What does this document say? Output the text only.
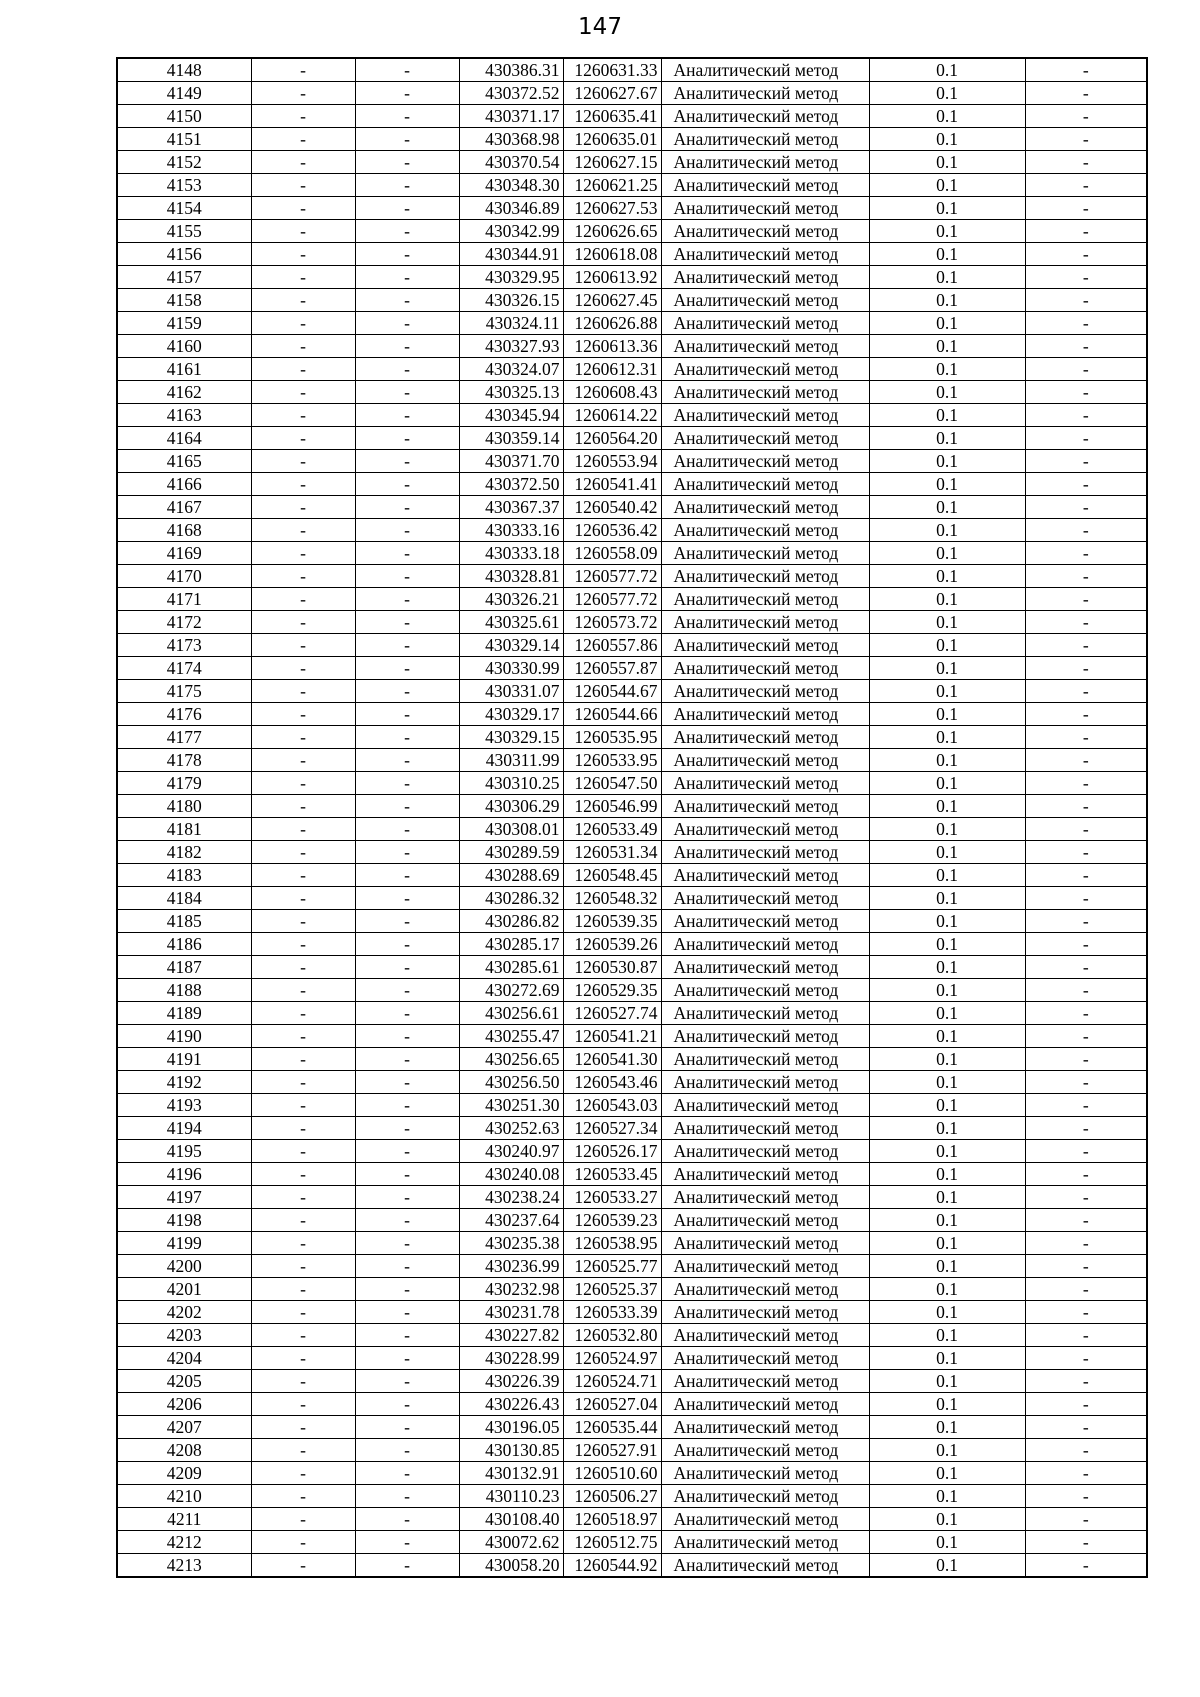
147
4148	-	-	430386.31	1260631.33	Аналитический метод	0.1	-
4149	-	-	430372.52	1260627.67	Аналитический метод	0.1	-
4150	-	-	430371.17	1260635.41	Аналитический метод	0.1	-
4151	-	-	430368.98	1260635.01	Аналитический метод	0.1	-
4152	-	-	430370.54	1260627.15	Аналитический метод	0.1	-
4153	-	-	430348.30	1260621.25	Аналитический метод	0.1	-
4154	-	-	430346.89	1260627.53	Аналитический метод	0.1	-
4155	-	-	430342.99	1260626.65	Аналитический метод	0.1	-
4156	-	-	430344.91	1260618.08	Аналитический метод	0.1	-
4157	-	-	430329.95	1260613.92	Аналитический метод	0.1	-
4158	-	-	430326.15	1260627.45	Аналитический метод	0.1	-
4159	-	-	430324.11	1260626.88	Аналитический метод	0.1	-
4160	-	-	430327.93	1260613.36	Аналитический метод	0.1	-
4161	-	-	430324.07	1260612.31	Аналитический метод	0.1	-
4162	-	-	430325.13	1260608.43	Аналитический метод	0.1	-
4163	-	-	430345.94	1260614.22	Аналитический метод	0.1	-
4164	-	-	430359.14	1260564.20	Аналитический метод	0.1	-
4165	-	-	430371.70	1260553.94	Аналитический метод	0.1	-
4166	-	-	430372.50	1260541.41	Аналитический метод	0.1	-
4167	-	-	430367.37	1260540.42	Аналитический метод	0.1	-
4168	-	-	430333.16	1260536.42	Аналитический метод	0.1	-
4169	-	-	430333.18	1260558.09	Аналитический метод	0.1	-
4170	-	-	430328.81	1260577.72	Аналитический метод	0.1	-
4171	-	-	430326.21	1260577.72	Аналитический метод	0.1	-
4172	-	-	430325.61	1260573.72	Аналитический метод	0.1	-
4173	-	-	430329.14	1260557.86	Аналитический метод	0.1	-
4174	-	-	430330.99	1260557.87	Аналитический метод	0.1	-
4175	-	-	430331.07	1260544.67	Аналитический метод	0.1	-
4176	-	-	430329.17	1260544.66	Аналитический метод	0.1	-
4177	-	-	430329.15	1260535.95	Аналитический метод	0.1	-
4178	-	-	430311.99	1260533.95	Аналитический метод	0.1	-
4179	-	-	430310.25	1260547.50	Аналитический метод	0.1	-
4180	-	-	430306.29	1260546.99	Аналитический метод	0.1	-
4181	-	-	430308.01	1260533.49	Аналитический метод	0.1	-
4182	-	-	430289.59	1260531.34	Аналитический метод	0.1	-
4183	-	-	430288.69	1260548.45	Аналитический метод	0.1	-
4184	-	-	430286.32	1260548.32	Аналитический метод	0.1	-
4185	-	-	430286.82	1260539.35	Аналитический метод	0.1	-
4186	-	-	430285.17	1260539.26	Аналитический метод	0.1	-
4187	-	-	430285.61	1260530.87	Аналитический метод	0.1	-
4188	-	-	430272.69	1260529.35	Аналитический метод	0.1	-
4189	-	-	430256.61	1260527.74	Аналитический метод	0.1	-
4190	-	-	430255.47	1260541.21	Аналитический метод	0.1	-
4191	-	-	430256.65	1260541.30	Аналитический метод	0.1	-
4192	-	-	430256.50	1260543.46	Аналитический метод	0.1	-
4193	-	-	430251.30	1260543.03	Аналитический метод	0.1	-
4194	-	-	430252.63	1260527.34	Аналитический метод	0.1	-
4195	-	-	430240.97	1260526.17	Аналитический метод	0.1	-
4196	-	-	430240.08	1260533.45	Аналитический метод	0.1	-
4197	-	-	430238.24	1260533.27	Аналитический метод	0.1	-
4198	-	-	430237.64	1260539.23	Аналитический метод	0.1	-
4199	-	-	430235.38	1260538.95	Аналитический метод	0.1	-
4200	-	-	430236.99	1260525.77	Аналитический метод	0.1	-
4201	-	-	430232.98	1260525.37	Аналитический метод	0.1	-
4202	-	-	430231.78	1260533.39	Аналитический метод	0.1	-
4203	-	-	430227.82	1260532.80	Аналитический метод	0.1	-
4204	-	-	430228.99	1260524.97	Аналитический метод	0.1	-
4205	-	-	430226.39	1260524.71	Аналитический метод	0.1	-
4206	-	-	430226.43	1260527.04	Аналитический метод	0.1	-
4207	-	-	430196.05	1260535.44	Аналитический метод	0.1	-
4208	-	-	430130.85	1260527.91	Аналитический метод	0.1	-
4209	-	-	430132.91	1260510.60	Аналитический метод	0.1	-
4210	-	-	430110.23	1260506.27	Аналитический метод	0.1	-
4211	-	-	430108.40	1260518.97	Аналитический метод	0.1	-
4212	-	-	430072.62	1260512.75	Аналитический метод	0.1	-
4213	-	-	430058.20	1260544.92	Аналитический метод	0.1	-
